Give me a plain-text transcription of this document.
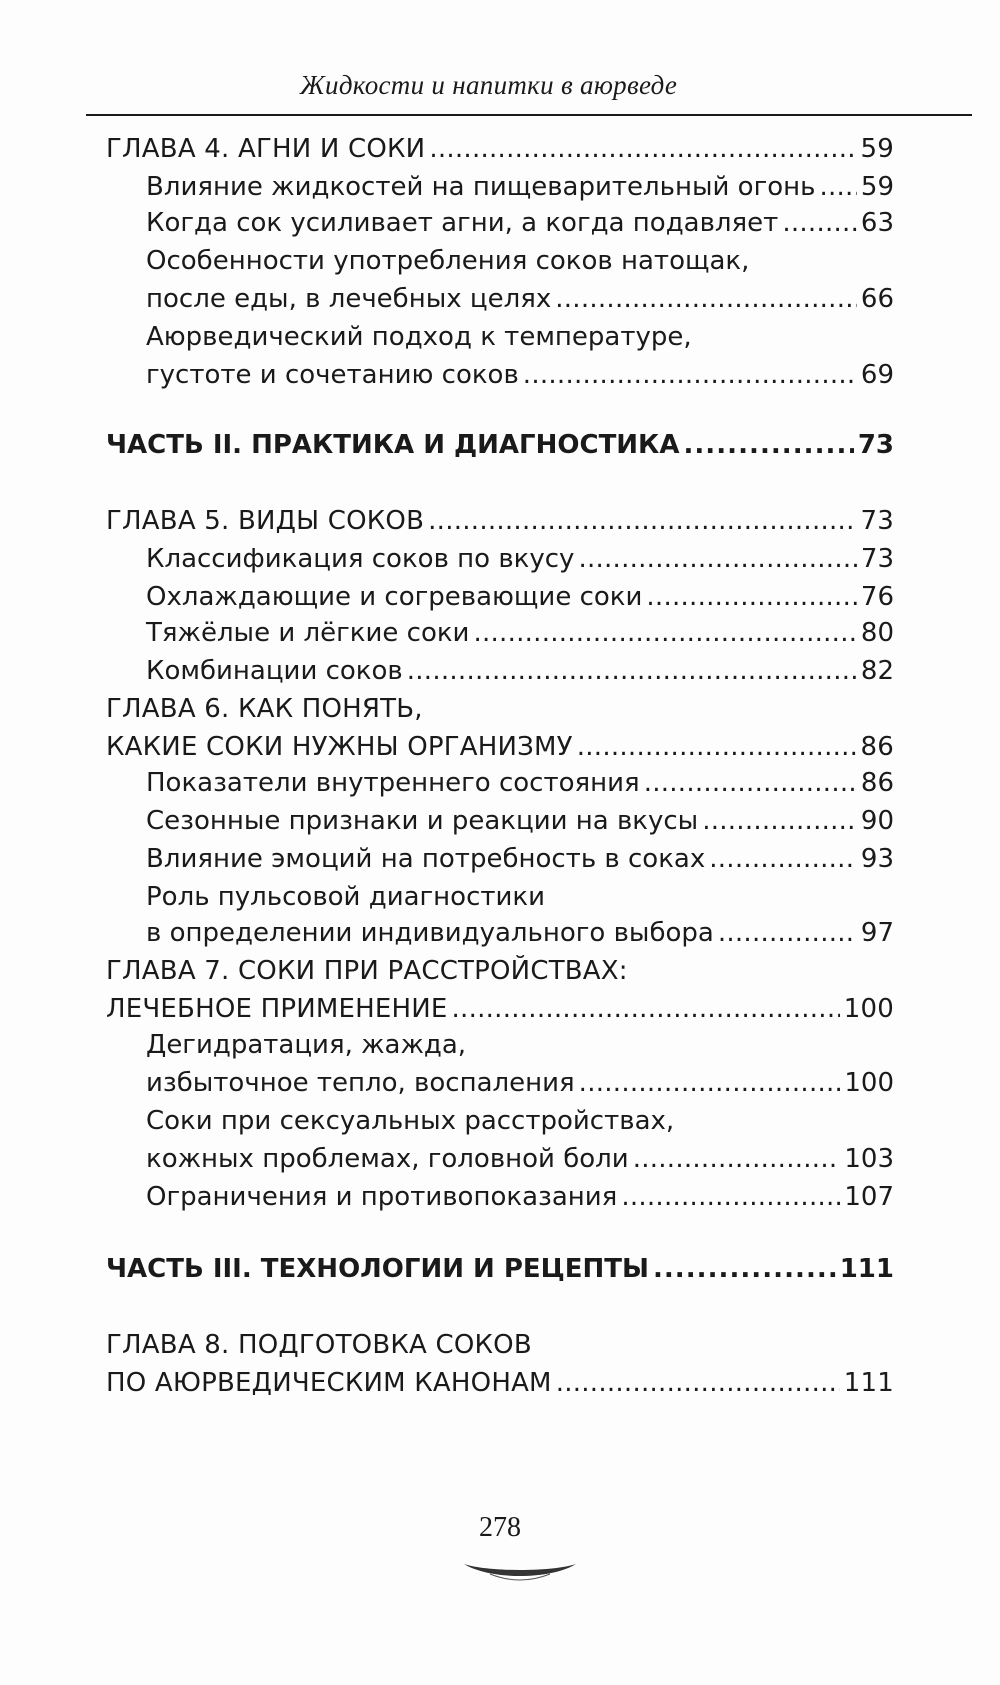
Жидкости и напитки в аюрведе
ГЛАВА 4. АГНИ И СОКИ . . .	59
Влияние жидкостей на пищеварительный огонь . . . 59
Когда сок усиливает агни, а когда подавляет . . .	63
Особенности употребления соков натощак,
после еды, в лечебных целях . . .	66
Аюрведический подход к температуре,
густоте и сочетанию соков . . .	69
ЧАСТЬ II. ПРАКТИКА И ДИАГНОСТИКА . . .	73
ГЛАВА 5. ВИДЫ СОКОВ . . .	73
Классификация соков по вкусу . . .	73
Охлаждающие и согревающие соки . . .	76
Тяжёлые и лёгкие соки . . .	80
Комбинации соков . . .	82
ГЛАВА 6. КАК ПОНЯТЬ,
КАКИЕ СОКИ НУЖНЫ ОРГАНИЗМУ . . .	86
Показатели внутреннего состояния . . .	86
Сезонные признаки и реакции на вкусы . . .	90
Влияние эмоций на потребность в соках . . .	93
Роль пульсовой диагностики
в определении индивидуального выбора . . .	97
ГЛАВА 7. СОКИ ПРИ РАССТРОЙСТВАХ:
ЛЕЧЕБНОЕ ПРИМЕНЕНИЕ . . .	100
Дегидратация, жажда,
избыточное тепло, воспаления . . .	100
Соки при сексуальных расстройствах,
кожных проблемах, головной боли . . .	103
Ограничения и противопоказания . . .	107
ЧАСТЬ III. ТЕХНОЛОГИИ И РЕЦЕПТЫ . . .	111
ГЛАВА 8. ПОДГОТОВКА СОКОВ
ПО АЮРВЕДИЧЕСКИМ КАНОНАМ . . .	111
278
